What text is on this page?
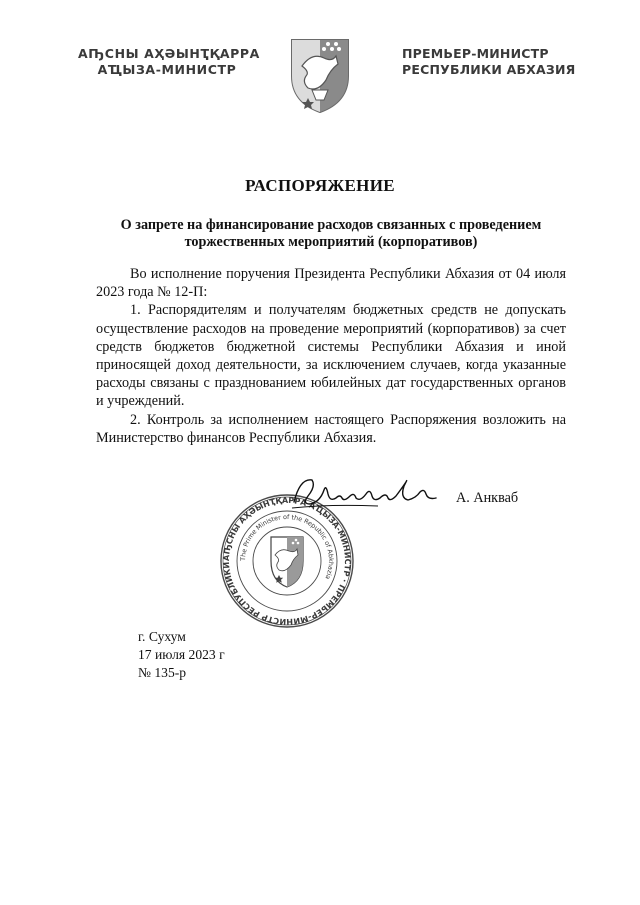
АҦСНЫ АҲӘЫНҬҚАРРА
АҴЫЗА-МИНИСТР
ПРЕМЬЕР-МИНИСТР
РЕСПУБЛИКИ АБХАЗИЯ
РАСПОРЯЖЕНИЕ
О запрете на финансирование расходов связанных с проведением
торжественных мероприятий (корпоративов)

Во исполнение поручения Президента Республики Абхазия от 04 июля 2023 года № 12-П:

1. Распорядителям и получателям бюджетных средств не допускать осуществление расходов на проведение мероприятий (корпоративов) за счет средств бюджетов бюджетной системы Республики Абхазия и иной приносящей доход деятельности, за исключением случаев, когда указанные расходы связаны с празднованием юбилейных дат государственных органов и учреждений.

2. Контроль за исполнением настоящего Распоряжения возложить на Министерство финансов Республики Абхазия.

АҦСНЫ АҲӘЫНҬҚАРРА АҴЫЗА-МИНИСТР · ПРЕМЬЕР-МИНИСТР РЕСПУБЛИКИ
The Prime Minister of the Republic of Abkhazia
А. Анкваб
г. Сухум
17 июля 2023 г
№ 135-р
